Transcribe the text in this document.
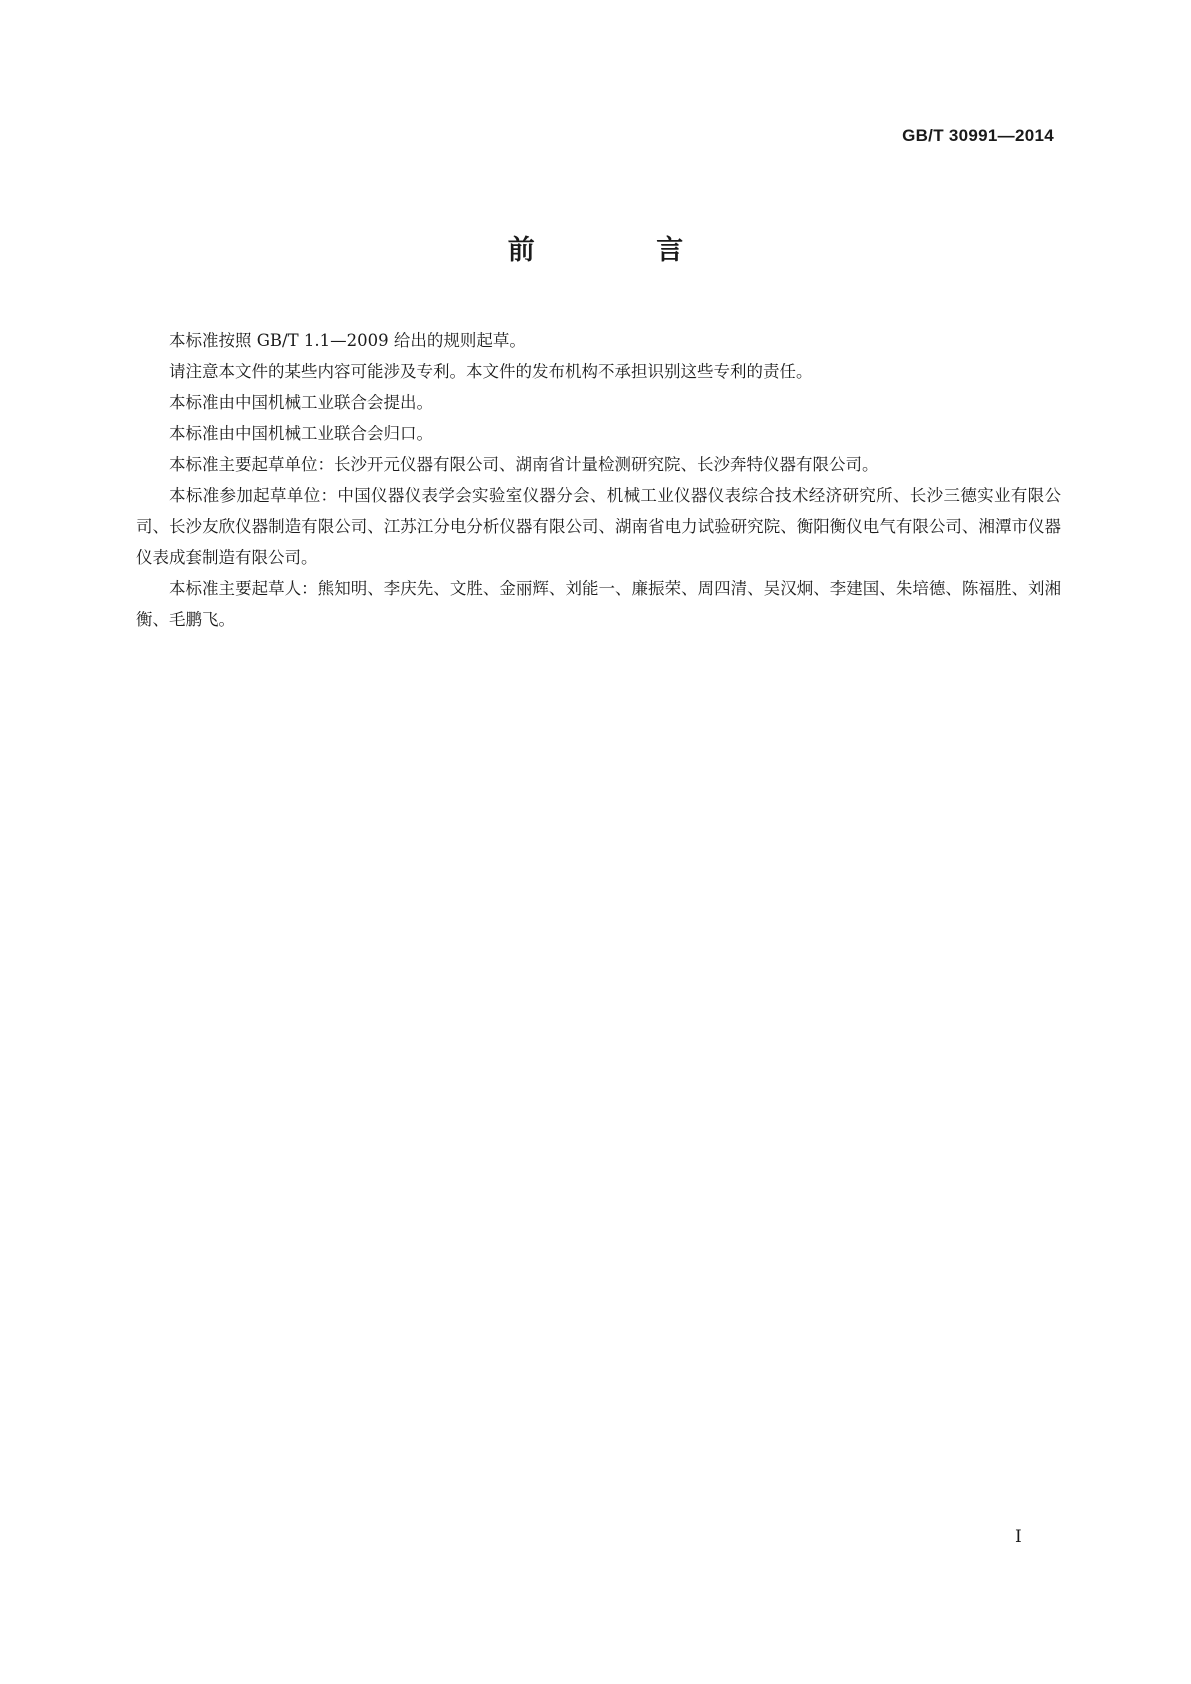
GB/T 30991—2014
前 言

本标准按照 GB/T 1.1—2009 给出的规则起草。

请注意本文件的某些内容可能涉及专利。本文件的发布机构不承担识别这些专利的责任。

本标准由中国机械工业联合会提出。

本标准由中国机械工业联合会归口。

本标准主要起草单位：长沙开元仪器有限公司、湖南省计量检测研究院、长沙奔特仪器有限公司。

本标准参加起草单位：中国仪器仪表学会实验室仪器分会、机械工业仪器仪表综合技术经济研究所、长沙三德实业有限公司、长沙友欣仪器制造有限公司、江苏江分电分析仪器有限公司、湖南省电力试验研究院、衡阳衡仪电气有限公司、湘潭市仪器仪表成套制造有限公司。

本标准主要起草人：熊知明、李庆先、文胜、金丽辉、刘能一、廉振荣、周四清、吴汉炯、李建国、朱培德、陈福胜、刘湘衡、毛鹏飞。

I
